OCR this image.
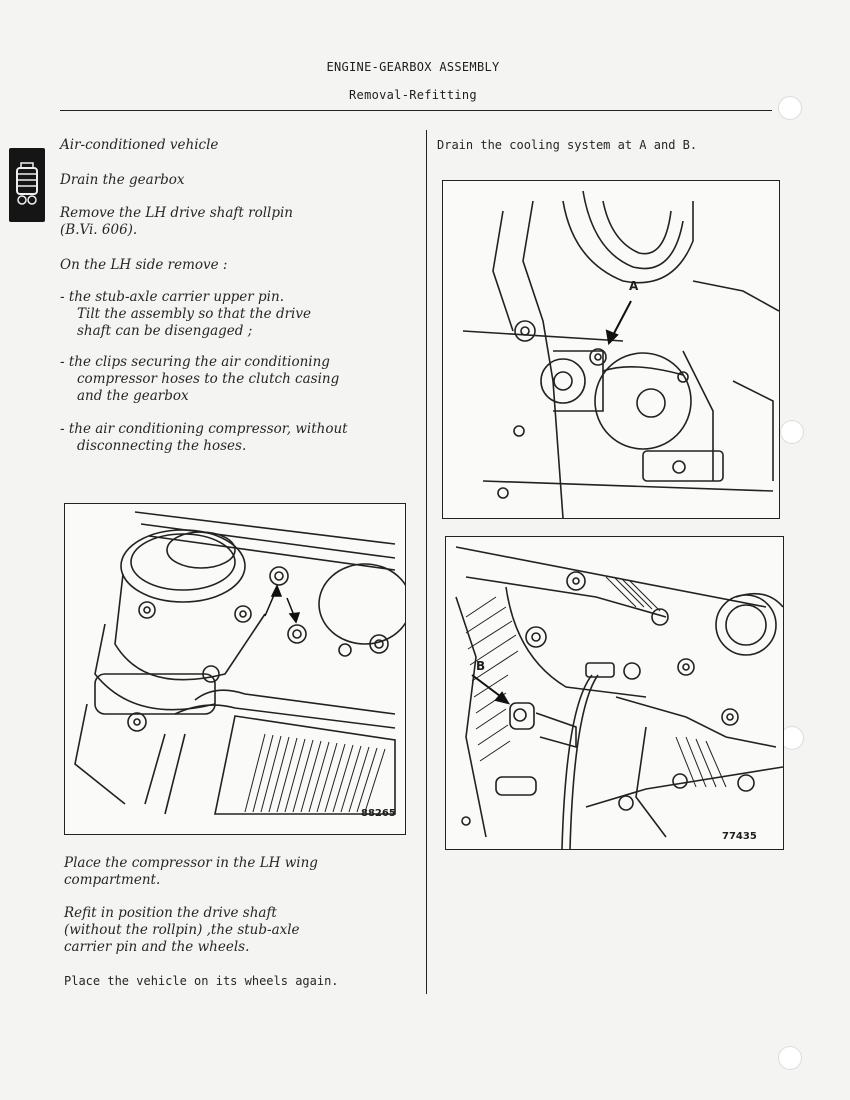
ENGINE-GEARBOX ASSEMBLY
Removal-Refitting

Air-conditioned vehicle

Drain the gearbox

Remove the LH drive shaft rollpin

(B.Vi. 606).

On the LH side remove :

- the stub-axle carrier upper pin.

Tilt the assembly so that the drive

shaft can be disengaged ;

- the clips securing the air conditioning

compressor hoses to the clutch casing

and the gearbox

- the air conditioning compressor, without

disconnecting the hoses.

88265

Place the compressor in the LH wing

compartment.

Refit in position the drive shaft

(without the rollpin) ,the stub-axle

carrier pin and the wheels.

Place the vehicle on its wheels again.

Drain the cooling system at A and B.

A
B
77435
